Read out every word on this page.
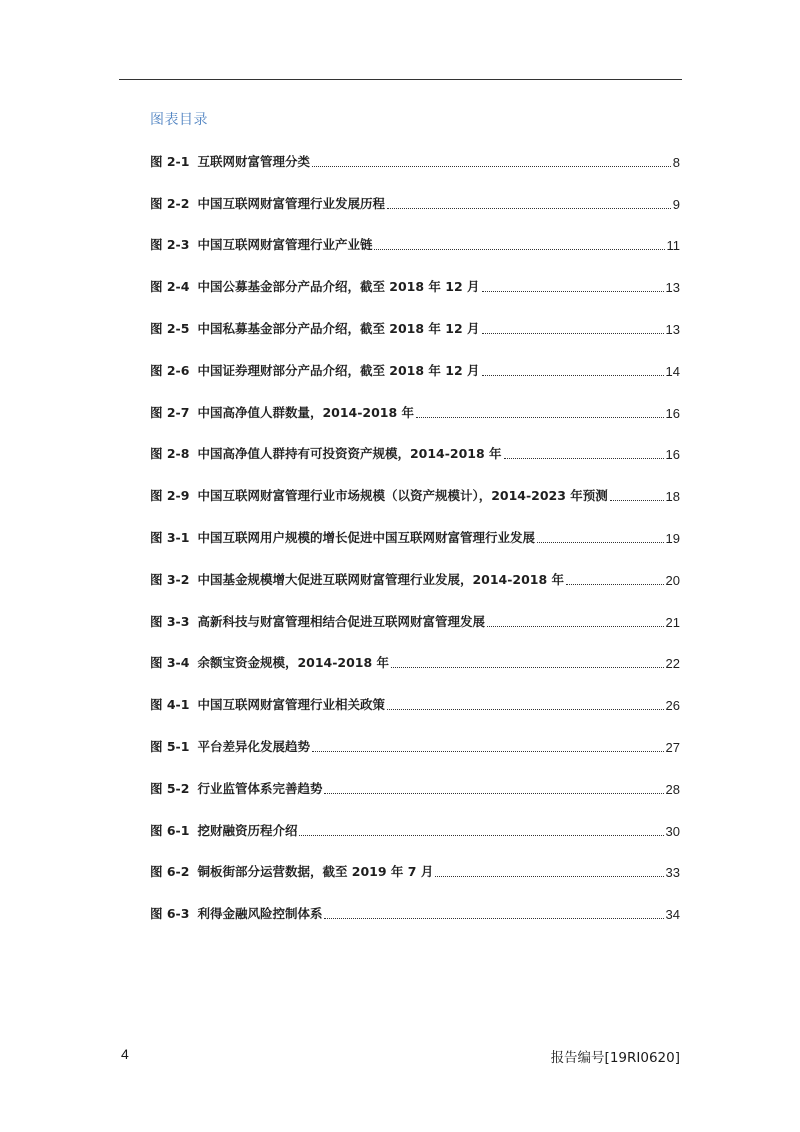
图表目录
图 2-1 互联网财富管理分类	8
图 2-2 中国互联网财富管理行业发展历程	9
图 2-3 中国互联网财富管理行业产业链	11
图 2-4 中国公募基金部分产品介绍，截至 2018 年 12 月	13
图 2-5 中国私募基金部分产品介绍，截至 2018 年 12 月	13
图 2-6 中国证券理财部分产品介绍，截至 2018 年 12 月	14
图 2-7 中国高净值人群数量，2014-2018 年	16
图 2-8 中国高净值人群持有可投资资产规模，2014-2018 年	16
图 2-9 中国互联网财富管理行业市场规模（以资产规模计），2014-2023 年预测	18
图 3-1 中国互联网用户规模的增长促进中国互联网财富管理行业发展	19
图 3-2 中国基金规模增大促进互联网财富管理行业发展，2014-2018 年	20
图 3-3 高新科技与财富管理相结合促进互联网财富管理发展	21
图 3-4 余额宝资金规模，2014-2018 年	22
图 4-1 中国互联网财富管理行业相关政策	26
图 5-1 平台差异化发展趋势	27
图 5-2 行业监管体系完善趋势	28
图 6-1 挖财融资历程介绍	30
图 6-2 铜板街部分运营数据，截至 2019 年 7 月	33
图 6-3 利得金融风险控制体系	34
4	报告编号[19RI0620]
